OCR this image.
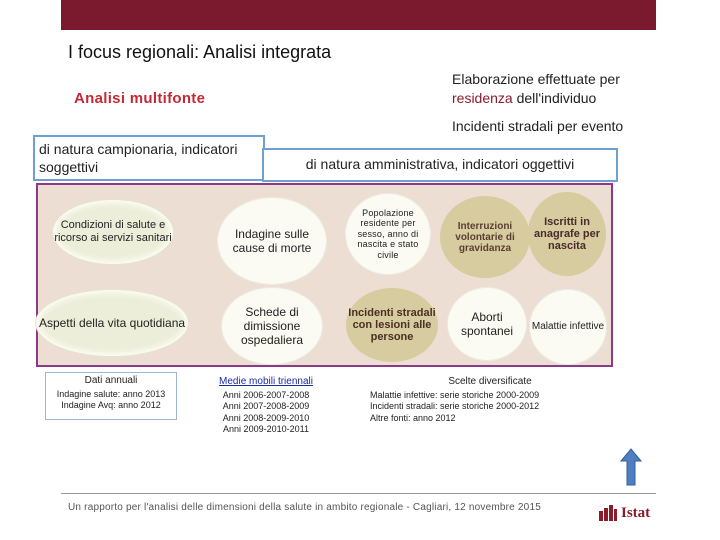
I focus regionali: Analisi integrata
Analisi multifonte
Elaborazione effettuate per residenza dell'individuo
Incidenti stradali per evento
di natura campionaria, indicatori soggettivi	di natura amministrativa, indicatori oggettivi
Condizioni di salute e ricorso ai servizi sanitari
Aspetti della vita quotidiana
Indagine sulle cause di morte
Schede di dimissione ospedaliera
Popolazione residente per sesso, anno di nascita e stato civile
Interruzioni volontarie di gravidanza
Iscritti in anagrafe per nascita
Incidenti stradali con lesioni alle persone
Aborti spontanei	Malattie infettive
Dati annuali
Indagine salute: anno 2013
Indagine Avq: anno 2012
Medie mobili triennali
Anni 2006-2007-2008
Anni 2007-2008-2009
Anni 2008-2009-2010
Anni 2009-2010-2011
Scelte diversificate
Malattie infettive: serie storiche 2000-2009
Incidenti stradali: serie storiche 2000-2012
Altre fonti: anno 2012
Un rapporto per l'analisi delle dimensioni della salute in ambito regionale - Cagliari, 12 novembre 2015	Istat
